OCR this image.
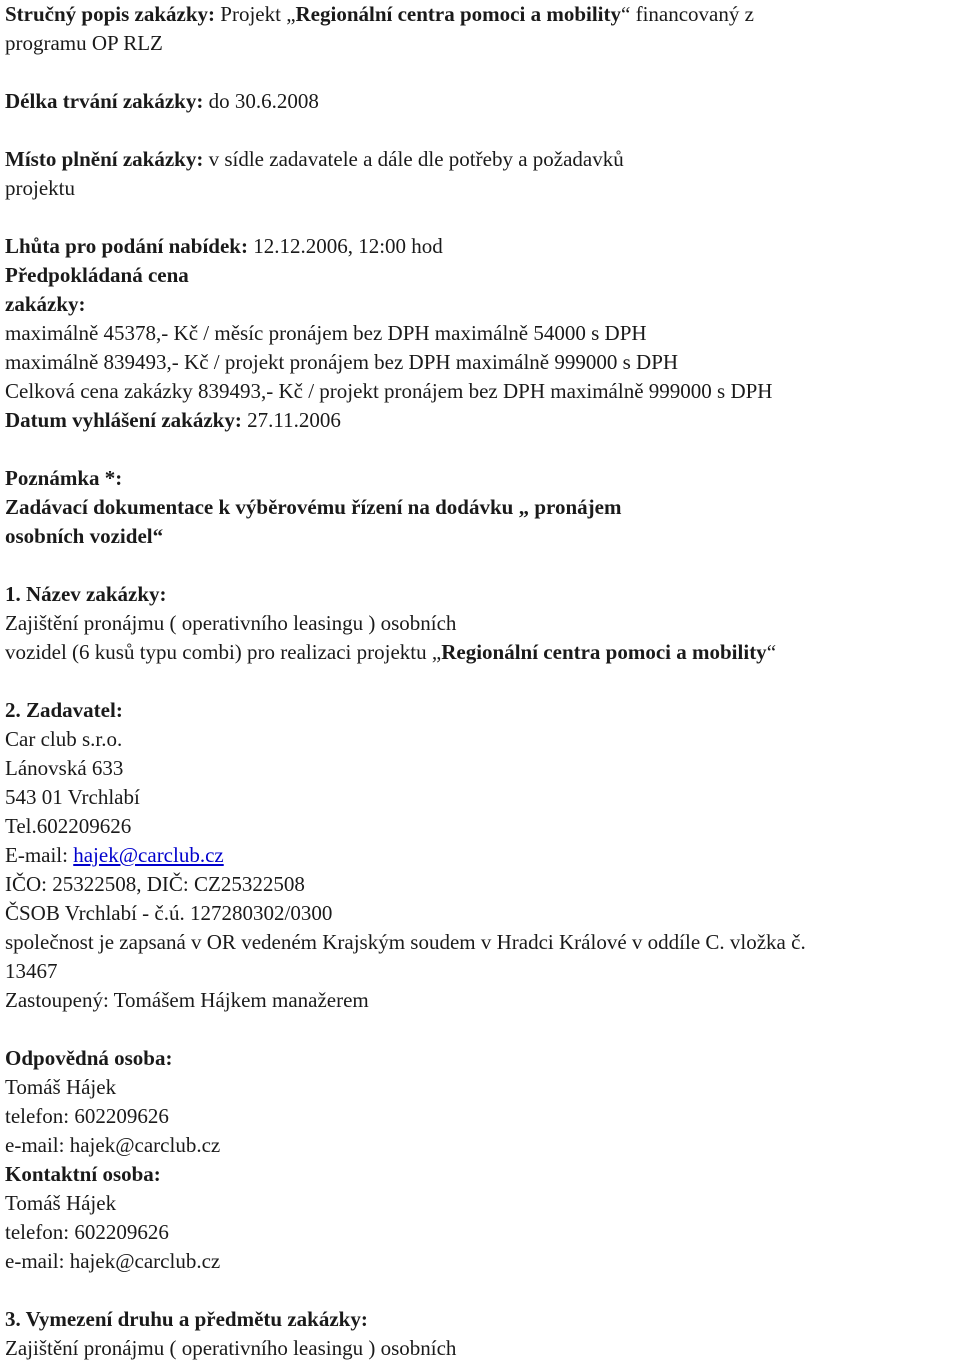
Stručný popis zakázky: Projekt „Regionální centra pomoci a mobility“ financovaný z
programu OP RLZ
Délka trvání zakázky: do 30.6.2008
Místo plnění zakázky: v sídle zadavatele a dále dle potřeby a požadavků
projektu
Lhůta pro podání nabídek: 12.12.2006, 12:00 hod
Předpokládaná cena
zakázky:
maximálně 45378,- Kč / měsíc pronájem bez DPH maximálně 54000 s DPH
maximálně 839493,- Kč / projekt pronájem bez DPH maximálně 999000 s DPH
Celková cena zakázky 839493,- Kč / projekt pronájem bez DPH maximálně 999000 s DPH
Datum vyhlášení zakázky: 27.11.2006
Poznámka *:
Zadávací dokumentace k výběrovému řízení na dodávku „ pronájem
osobních vozidel“
1. Název zakázky:
Zajištění pronájmu ( operativního leasingu ) osobních
vozidel (6 kusů typu combi) pro realizaci projektu „Regionální centra pomoci a mobility“
2. Zadavatel:
Car club s.r.o.
Lánovská 633
543 01 Vrchlabí
Tel.602209626
E-mail: hajek@carclub.cz
IČO: 25322508, DIČ: CZ25322508
ČSOB Vrchlabí - č.ú. 127280302/0300
společnost je zapsaná v OR vedeném Krajským soudem v Hradci Králové v oddíle C. vložka č.
13467
Zastoupený: Tomášem Hájkem manažerem
Odpovědná osoba:
Tomáš Hájek
telefon: 602209626
e-mail: hajek@carclub.cz
Kontaktní osoba:
Tomáš Hájek
telefon: 602209626
e-mail: hajek@carclub.cz
3. Vymezení druhu a předmětu zakázky:
Zajištění pronájmu ( operativního leasingu ) osobních
